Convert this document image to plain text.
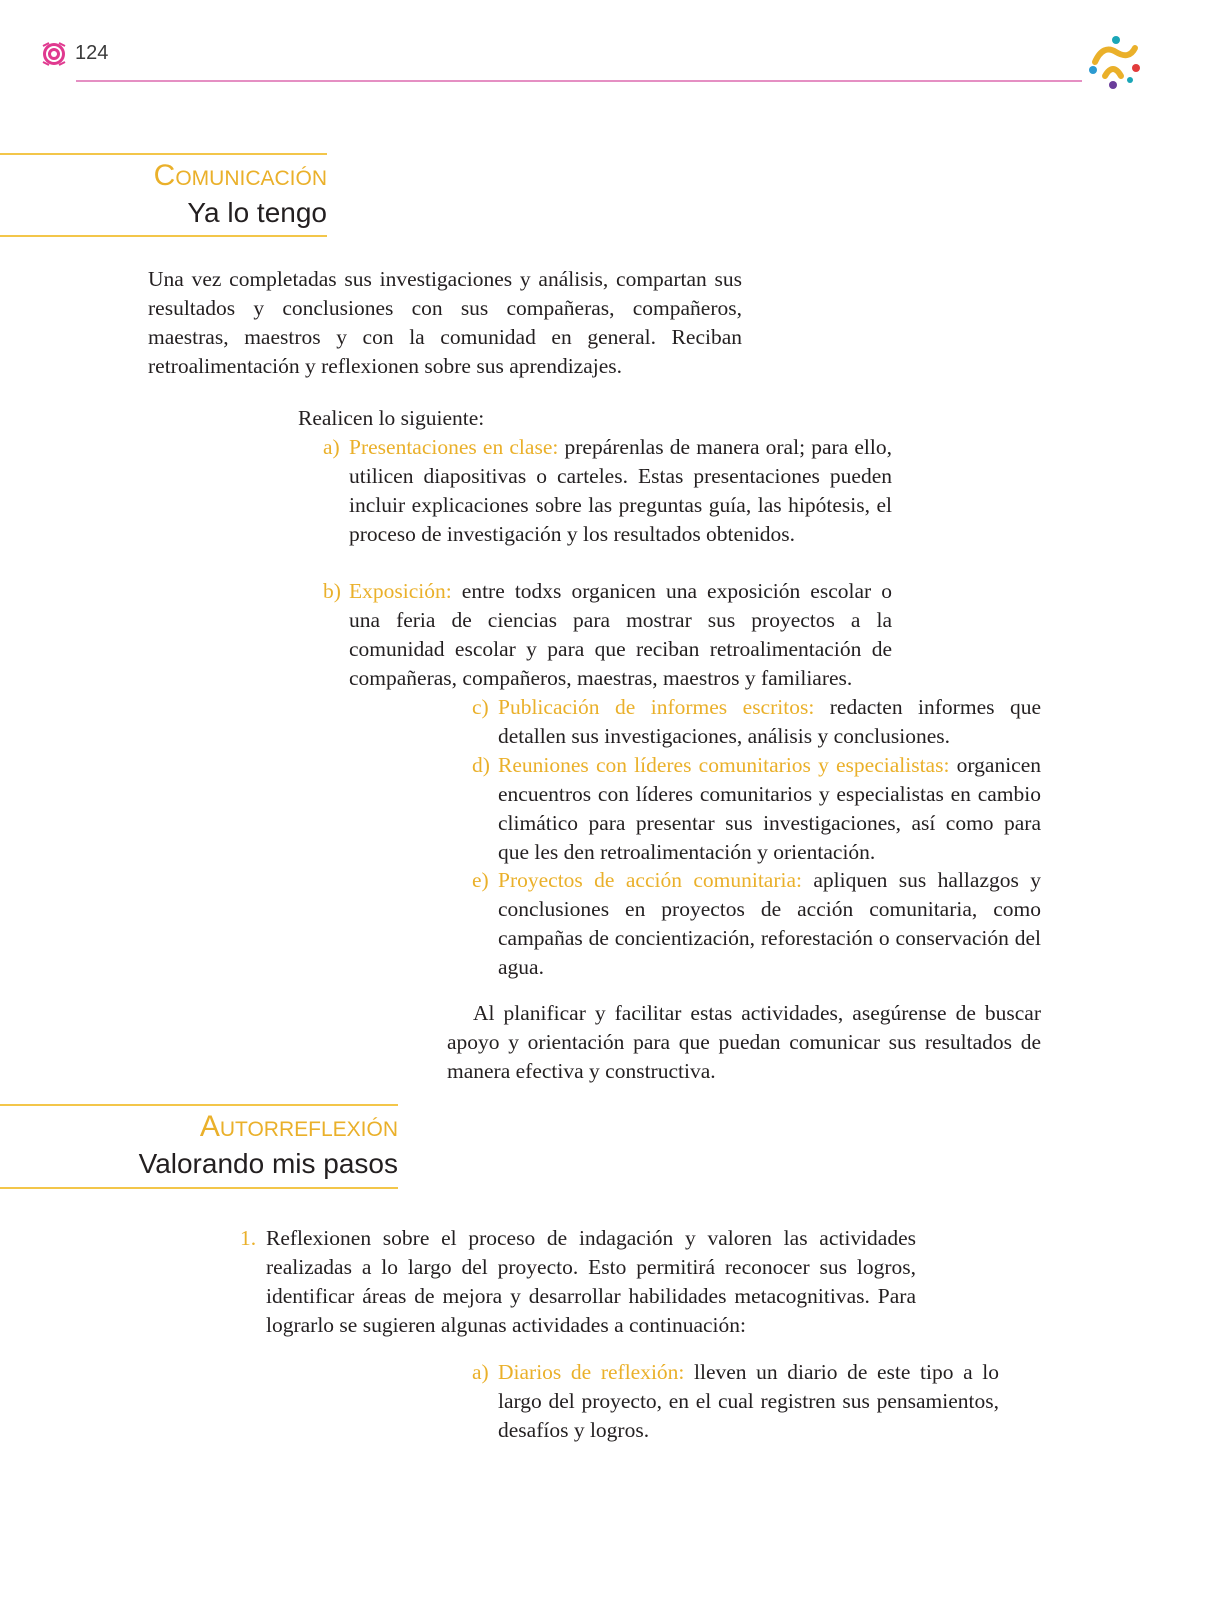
124
Comunicación
Ya lo tengo

Una vez completadas sus investigaciones y análisis, compartan sus resultados y conclusiones con sus compañeras, compañeros, maestras, maestros y con la comunidad en general. Reciban retroalimentación y reflexionen sobre sus aprendizajes.

Realicen lo siguiente:

a) Presentaciones en clase: prepárenlas de manera oral; para ello, utilicen diapositivas o carteles. Estas presentaciones pueden incluir explicaciones sobre las preguntas guía, las hipótesis, el proceso de investigación y los resultados obtenidos.
b) Exposición: entre todxs organicen una exposición escolar o una feria de ciencias para mostrar sus proyectos a la comunidad escolar y para que reciban retroalimentación de compañeras, compañeros, maestras, maestros y familiares.
c) Publicación de informes escritos: redacten informes que detallen sus investigaciones, análisis y conclusiones.
d) Reuniones con líderes comunitarios y especialistas: organicen encuentros con líderes comunitarios y especialistas en cambio climático para presentar sus investigaciones, así como para que les den retroalimentación y orientación.
e) Proyectos de acción comunitaria: apliquen sus hallazgos y conclusiones en proyectos de acción comunitaria, como campañas de concientización, reforestación o conservación del agua.

Al planificar y facilitar estas actividades, asegúrense de buscar apoyo y orientación para que puedan comunicar sus resultados de manera efectiva y constructiva.

Autorreflexión
Valorando mis pasos
1. Reflexionen sobre el proceso de indagación y valoren las actividades realizadas a lo largo del proyecto. Esto permitirá reconocer sus logros, identificar áreas de mejora y desarrollar habilidades metacognitivas. Para lograrlo se sugieren algunas actividades a continuación:
a) Diarios de reflexión: lleven un diario de este tipo a lo largo del proyecto, en el cual registren sus pensamientos, desafíos y logros.
